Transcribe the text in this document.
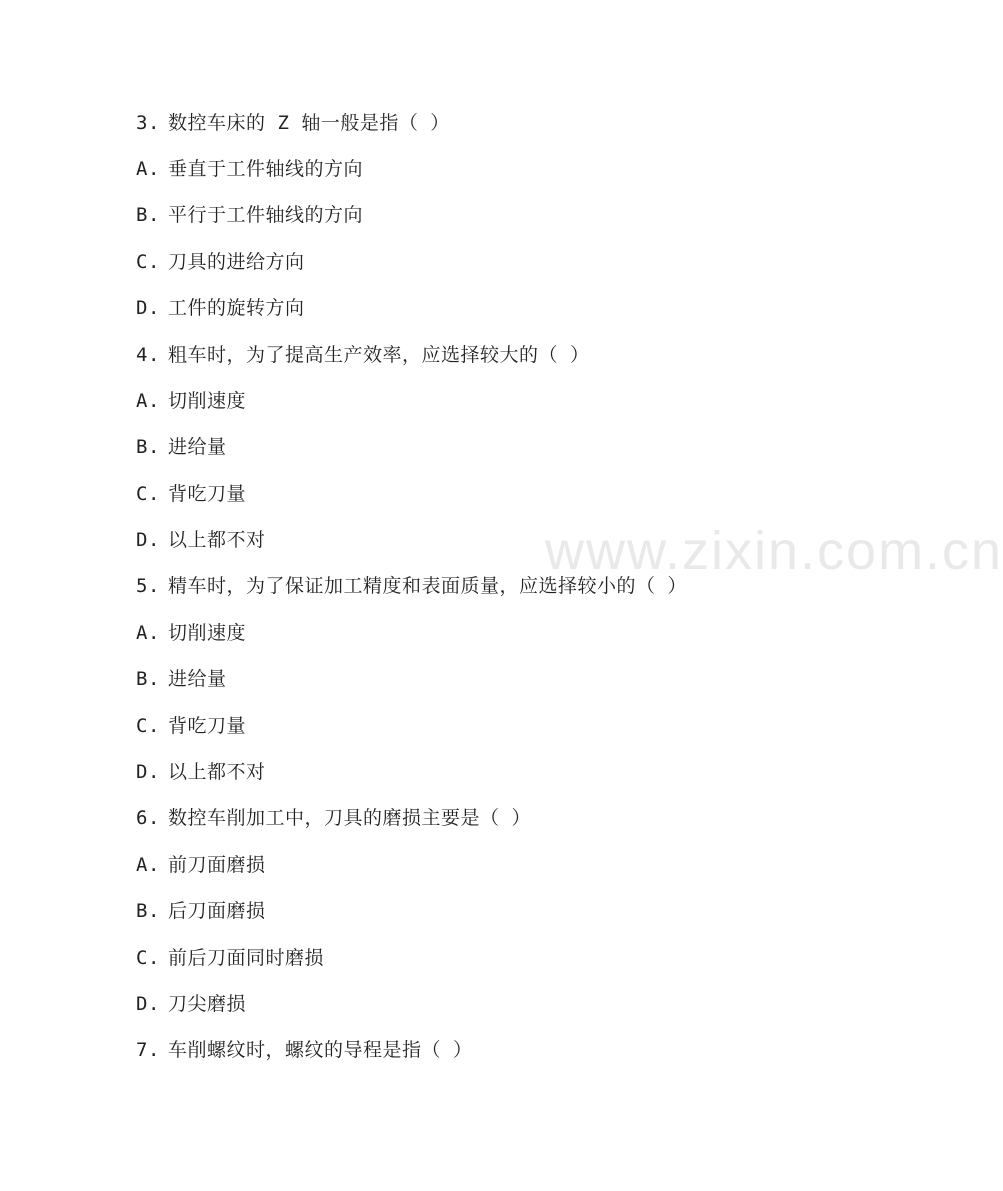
www.zixin.com.cn
3. 数控车床的 Z 轴一般是指（ ）
A. 垂直于工件轴线的方向
B. 平行于工件轴线的方向
C. 刀具的进给方向
D. 工件的旋转方向
4. 粗车时，为了提高生产效率，应选择较大的（ ）
A. 切削速度
B. 进给量
C. 背吃刀量
D. 以上都不对
5. 精车时，为了保证加工精度和表面质量，应选择较小的（ ）
A. 切削速度
B. 进给量
C. 背吃刀量
D. 以上都不对
6. 数控车削加工中，刀具的磨损主要是（ ）
A. 前刀面磨损
B. 后刀面磨损
C. 前后刀面同时磨损
D. 刀尖磨损
7. 车削螺纹时，螺纹的导程是指（ ）
